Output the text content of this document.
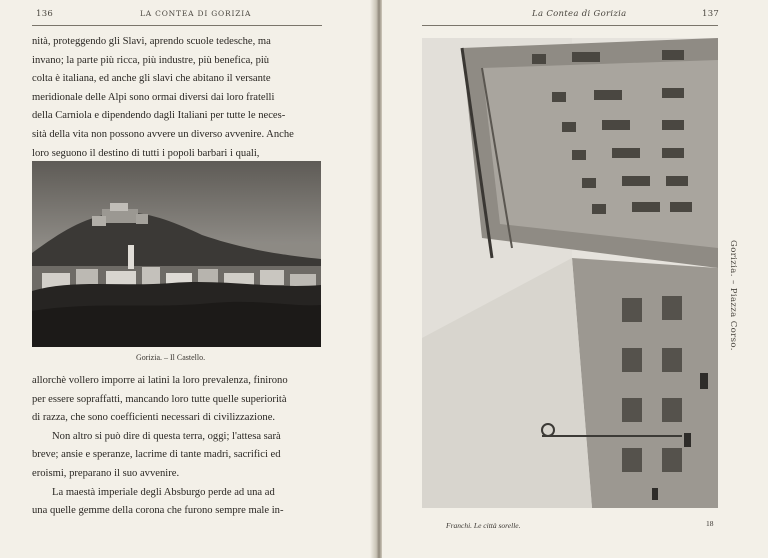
136	LA CONTEA DI GORIZIA
nità, proteggendo gli Slavi, aprendo scuole tedesche, ma
invano; la parte più ricca, più industre, più benefica, più
colta è italiana, ed anche gli slavi che abitano il versante
meridionale delle Alpi sono ormai diversi dai loro fratelli
della Carniola e dipendendo dagli Italiani per tutte le neces-
sità della vita non possono avvere un diverso avvenire. Anche
loro seguono il destino di tutti i popoli barbari i quali,
Gorizia. – Il Castello.
allorchè vollero imporre ai latini la loro prevalenza, finirono
per essere sopraffatti, mancando loro tutte quelle superiorità
di razza, che sono coefficienti necessari di civilizzazione.
Non altro si può dire di questa terra, oggi; l'attesa sarà
breve; ansie e speranze, lacrime di tante madri, sacrifici ed
eroismi, preparano il suo avvenire.
La maestà imperiale degli Absburgo perde ad una ad
una quelle gemme della corona che furono sempre male in-
La Contea di Gorizia	137
Gorizia. – Piazza Corso.
Franchi. Le città sorelle.	18
